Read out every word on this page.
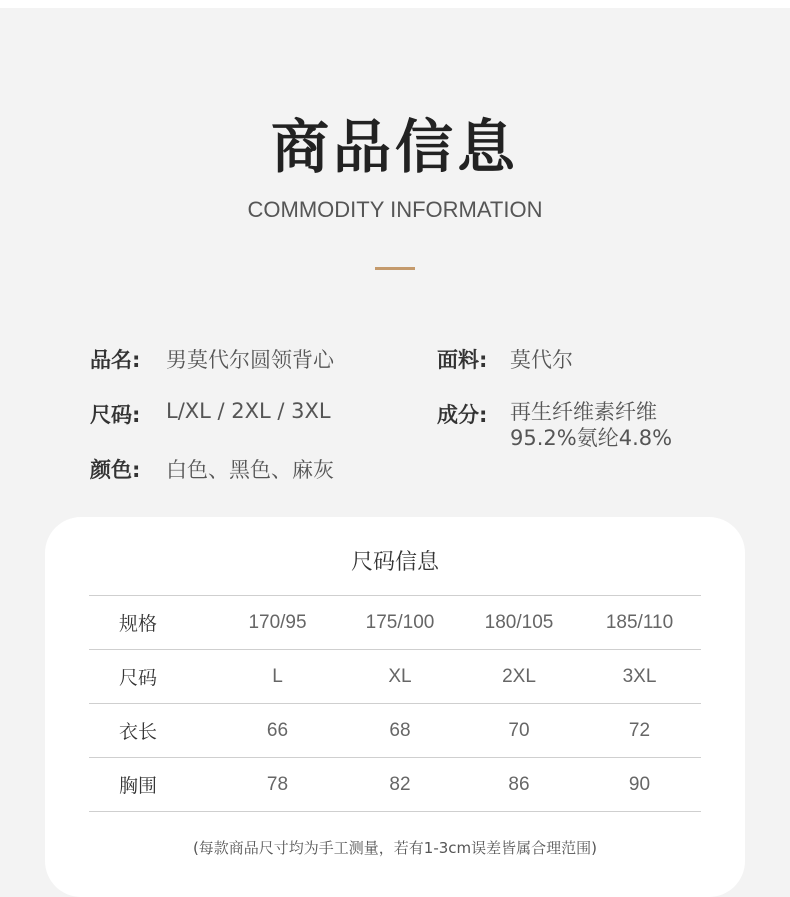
商品信息
COMMODITY INFORMATION
品名: 男莫代尔圆领背心	面料: 莫代尔
尺码: L/XL / 2XL / 3XL	成分: 再生纤维素纤维
95.2%氨纶4.8%
颜色: 白色、黑色、麻灰
尺码信息
规格	170/95	175/100	180/105	185/110
尺码	L	XL	2XL	3XL
衣长	66	68	70	72
胸围	78	82	86	90
(每款商品尺寸均为手工测量，若有1-3cm误差皆属合理范围)
